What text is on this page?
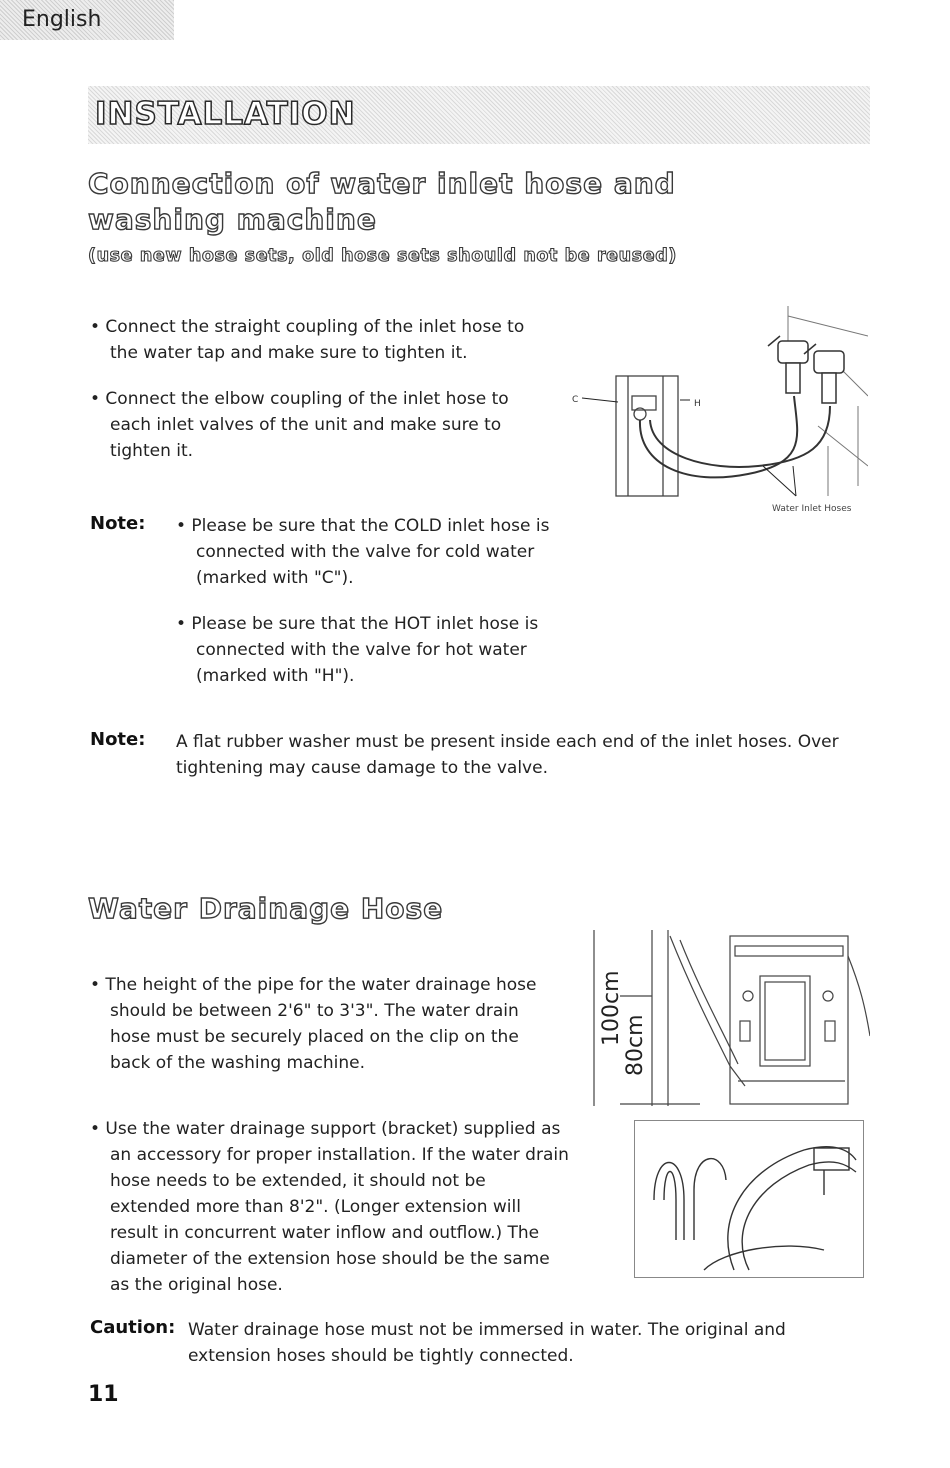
English
INSTALLATION
Connection of water inlet hose and washing machine
(use new hose sets, old hose sets should not be reused)

• Connect the straight coupling of the inlet hose to the water tap and make sure to tighten it.

• Connect the elbow coupling of the inlet hose to each inlet valves of the unit and make sure to tighten it.

C	H
Water Inlet Hoses
Note: • Please be sure that the COLD inlet hose is connected with the valve for cold water (marked with "C").

• Please be sure that the HOT inlet hose is connected with the valve for hot water (marked with "H").

Note: A flat rubber washer must be present inside each end of the inlet hoses. Over tightening may cause damage to the valve.
Water Drainage Hose

• The height of the pipe for the water drainage hose should be between 2'6" to 3'3". The water drain hose must be securely placed on the clip on the back of the washing machine.

• Use the water drainage support (bracket) supplied as an accessory for proper installation. If the water drain hose needs to be extended, it should not be extended more than 8'2". (Longer extension will result in concurrent water inflow and outflow.) The diameter of the extension hose should be the same as the original hose.

100cm 80cm
Caution: Water drainage hose must not be immersed in water. The original and extension hoses should be tightly connected.
11
